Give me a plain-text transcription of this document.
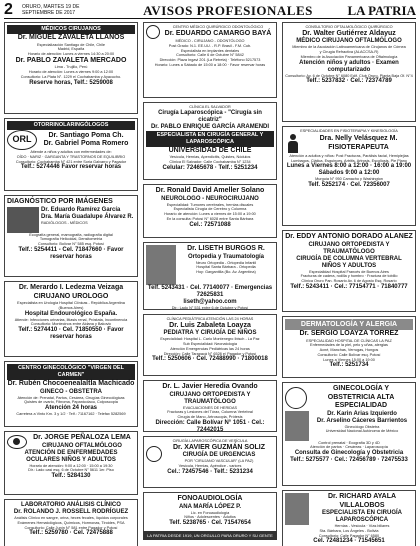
2	ORURO, MARTES 19 DE SEPTIEMBRE DE 2017	AVISOS PROFESIONALES	LA PATRIA
MÉDICOS CIRUJANOS
Dr. MIGUEL ZAVALETA LLANOS
Especialización Santiago de Chile, Chile
Madrid, España
Horario de atención: Lunes a viernes 14:30 a 20:00
Dr. PABLO ZAVALETA MERCADO
Lima - Trujillo, Perú
Horario de atención: Lunes a viernes 9:00 a 12:00
Consultorio: La Plata N°. 1229 e/ Cochabamba y Ayacucho.
Reserve horas, Telf.: 5259008
OTORRINOLARINGÓLOGOS
ORL	Dr. Santiago Poma Ch.
Dr. Gabriel Poma Romero
Atiende a niños y adultos con enfermedades de:
OÍDO · NARIZ · GARGANTA Y TRASTORNOS DE EQUILIBRIO
Consultorio: Cochabamba N° 421 entre Soria Galvarro y Pagador
Telf.: 5274446 Favor reservar horas
DIAGNÓSTICO POR IMÁGENES
Dr. Eduardo Ramírez García
Dra. María Guadalupe Álvarez R.
RADIÓLOGOS - MÉDICOS
Ecografía general, mamografía, radiografía digital
Tomografía Helicoidal, Densitometría
Consultorio: Bolívar N° 585 esq. Potosí
Telf.: 5254411 - Cel. 71847660 · Favor reservar horas
Dr. Merardo I. Ledezma Veizaga
CIRUJANO UROLOGO
Especialista en Urología Hospital Clínicas - República Argentina
(Buenos Aires)
Hospital Endourológico España.
Atiende: Infecciones urinarias, litiasis renal, Próstata, Incontinencia
Consultorio: Montecinos entre Aldana y Bakovic
Telf.: 5274410 · Cel. 71850550 · Favor reservar horas
CENTRO GINECOLÓGICO "VIRGEN DEL CARMEN"
Dr. Rubén Chocoenealaltla Machicado
GINECO - OBSTETRA
Atención de: Prenatal, Partos, Cesárea, Cirugías Ginecológicas
Quistes de ovario, Fibroma, Papanicolaou, Colposcopia
Atención 24 horas
Carretera a Vinto Km. 3 y 1/2 · Telf.: 71167162 · Telefax 5282569
Dr. JORGE PEÑALOZA LEMA
CIRUJANO OFTALMÓLOGO
ATENCIÓN DE ENFERMEDADES OCULARES NIÑOS Y ADULTOS
Horario de atención: 9:00 a 12:00 · 15:00 a 19:30
Dir.: Lado casi esq. 6 de Octubre N° 5611 1er. Piso
Telf.: 5284130
LABORATORIO ANÁLISIS CLÍNICO
Dr. ROLANDO J. ROSSELL RODRÍGUEZ
Análisis Clínico en sangre, orina, heces fecales, líquidos corporales
Exámenes Hematológicos, Químicos, Hormonas, Tiroides, PSA
Consultorio: Calle Junín N° 581 entre Pagador y Potosí
Telf.: 5259780 · Cel. 72475888
CENTRO MÉDICO QUIRÚRGICO ODONTOLÓGICO
Dr. EDUARDO CAMARGO BAYÁ
MÉDICO - CIRUJANO - ODONTÓLOGO
Post Grado: N.1. EE.UU. - R.P. Brasil - F.M. Cub.
Especialista en implantes dentales
Consultorio: Calle 6 de Octubre N° 5842
Dirección: Plaza Ingavi 201 (La Retreta) · Teléfono 5217573
Horario: Lunes a Sábado de 15:00 a 18:00 · Favor reservar horas
CLÍNICA EL SALVADOR
Cirugía Laparoscópica - "Cirugía sin cicatriz"
Dr. PABLO ENRIQUE GARCÍA ARAMENDI
ESPECIALISTA EN CIRUGÍA GENERAL Y LAPAROSCÓPICA
UNIVERSIDAD DE CHILE
Vesícula, Hernias, Apendicitis, Quistes, Nódulos
Clínica El Salvador: Calle Cochabamba N° 1234
Celular: 72465678 · Telf.: 5251234
Dr. Ronald David Ameller Solano
NEUROLOGO - NEUROCIRUJANO
Especialidad: Tumores cerebrales, hernias discales
Especialista Cirugía de Cerebro y Columna
Horario de atención: Lunes a viernes de 15:00 a 19:00
En la consulta: Potosí N° 6028 entre Santa Bárbara
Cel.: 72571088
Dr. LISETH BURGOS R.
Ortopedia y Traumatología
Neuro Ortopedia - Ortopedia Infantil
Hospital Santa Bárbara - Ortopedia
Hoy: Gargantilla (Bo. Av. Argentina)
Telf. 5243431 · Cel. 77140077 · Emergencias 72625831
liseth@yahoo.com
Dir.: Lado N° 531 entre 6 de Octubre y Potosí
CLÍNICA PEDIÁTRICA ATENCIÓN LAS 24 HORAS
Dr. Luis Zabaleta Loayza
PEDIATRA Y CIRUGÍA DE NIÑOS
Especialidad: Hospital L. Carlo Montenegro Ibisch - La Paz
Sub Especialidad: Neonatología
Atención Emergencias Pediátricas las 24 horas
Dirección: Calle Tarapacá N° 6528 e/ Pagador y Potosí
Telf.: 5250606 · Cel. 72488990 · 71800018
Dr. L. Javier Heredia Ovando
CIRUJANO ORTOPEDISTA Y TRAUMATÓLOGO
EVACUACIONES DE HERIDAS
Fracturas y Lesiones del Tórax, Columna Vertebral
Cirugía de Mano, Artroscopia, Prótesis
Dirección: Calle Bolívar N° 1051 · Cel.: 72442015
CIRUGÍA LAPAROSCÓPICA DE VESÍCULA
Dr. XAVIER GUZMÁN SOLIZ
CIRUGÍA DE URGENCIAS
POR "CIRUJANO VASCULAR" (LA PAZ)
Vesícula, Hernias, Apéndice - varices
Cel.: 72457546 · Telf.: 5231234
FONOAUDIOLOGÍA
ANA MARÍA LÓPEZ P.
Lic. en Fonoaudiología
Niños · Adolescentes · Adultos
Telf. 5238765 · Cel. 71547654
CONSULTORIO OFTALMOLÓGICO QUIRÚRGICO
Dr. Walter Gutiérrez Aldayuz
MÉDICO CIRUJANO OFTALMÓLOGO
Miembro de la Asociación Latinoamericana de Cirujanos de Córnea
y Cirugía Refractiva (ALACCSA-R)
Miembro de la Asociación Panamericana de Oftalmología
Atención niños y adultos · Examen computarizado
Consultorio: Av. 6 de Octubre N° 6080 Edif. Club Oruro, Planta Baja Of. N°4
Telf.: 5237832 · Cel.: 72374789
ESPECIALIDADES EN FISIOTERAPIA Y KINESIOLOGÍA
Dra. Nelly Velásquez M.
FISIOTERAPEUTA
Atención a adultos y niños: Post Fracturas, Parálisis facial, Hemiplejias
Lumbagos, Ciática, Esguinces, Artritis, Artrosis, Escoliosis, Pie Plano
Lunes a Viernes 8:00 a 12:00 · 16:00 a 19:00
Sábados 9:00 a 12:00
Murguía N° 950 Camacho y Washington
Telf. 5252174 · Cel. 72356007
Dr. EDDY ANTONIO DORADO ALANEZ
CIRUJANO ORTOPEDISTA Y TRAUMATÓLOGO
CIRUGÍA DE COLUMNA VERTEBRAL
NIÑOS Y ADULTOS
Especialidad Hospital Francés de Buenos Aires
Fracturas de cadera, rodilla y hombro · Fractura de tobillo
Clínica Oruro Pan. Rosario Av. 6 de Agosto Esq. Rosario
Telf.: 5243411 · Cel.: 77154771 · 71840777
DERMATOLOGÍA Y ALERGIA
Dr. SERGIO LOAYZA TORREZ
ESPECIALIDAD HOSPITAL DE CLÍNICAS LA PAZ
Enfermedades de la piel, pelo y uñas, alergias
Acné, Manchas, Verrugas, Hongos
Consultorio: Calle Bolívar esq. Potosí
Lunes a Viernes 15:00 a 19:00
Telf.: 5251734
GINECOLOGÍA Y OBSTETRICIA ALTA ESPECIALIDAD
Dr. Karin Arias Izquierdo
Dr. Arselino Cáceres Barrientos
Ginecólogo Obstetra
Universidad Nacional Autónoma de México
Control prenatal · Ecografía 3D y 4D
Atención de partos · Cesáreas · Laparoscopía
Consulta de Ginecología y Obstetricia
Telf.: 5275577 · Cel.: 72456789 · 72475533
Dr. RICHARD AYALA VILLALOBOS
ESPECIALISTA EN CIRUGÍA LAPAROSCÓPICA
Hernias - Vesícula · Vías biliares
Sta. Bárbara, Los Ángeles - Bolivia
Consultorio: Calle Pagador N° 6580
Cel. 72481234 · 71545651
LA PATRIA DESDE 1919, UN ORGULLO PARA ORURO Y SU GENTE
